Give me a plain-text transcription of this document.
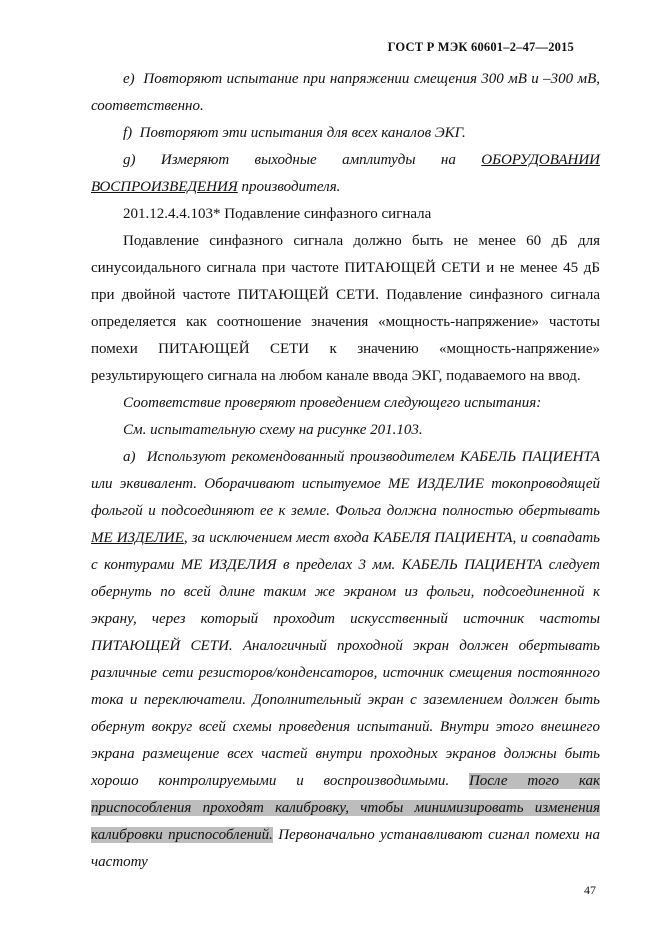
ГОСТ Р МЭК 60601–2–47—2015

e) Повторяют испытание при напряжении смещения 300 мВ и –300 мВ, соответственно.

f) Повторяют эти испытания для всех каналов ЭКГ.

g) Измеряют выходные амплитуды на ОБОРУДОВАНИИ ВОСПРОИЗВЕДЕНИЯ производителя.

201.12.4.4.103* Подавление синфазного сигнала

Подавление синфазного сигнала должно быть не менее 60 дБ для синусоидального сигнала при частоте ПИТАЮЩЕЙ СЕТИ и не менее 45 дБ при двойной частоте ПИТАЮЩЕЙ СЕТИ. Подавление синфазного сигнала определяется как соотношение значения «мощность-напряжение» частоты помехи ПИТАЮЩЕЙ СЕТИ к значению «мощность-напряжение» результирующего сигнала на любом канале ввода ЭКГ, подаваемого на ввод.

Соответствие проверяют проведением следующего испытания:

См. испытательную схему на рисунке 201.103.

a) Используют рекомендованный производителем КАБЕЛЬ ПАЦИЕНТА или эквивалент. Оборачивают испытуемое МЕ ИЗДЕЛИЕ токопроводящей фольгой и подсоединяют ее к земле. Фольга должна полностью обертывать МЕ ИЗДЕЛИЕ, за исключением мест входа КАБЕЛЯ ПАЦИЕНТА, и совпадать с контурами МЕ ИЗДЕЛИЯ в пределах 3 мм. КАБЕЛЬ ПАЦИЕНТА следует обернуть по всей длине таким же экраном из фольги, подсоединенной к экрану, через который проходит искусственный источник частоты ПИТАЮЩЕЙ СЕТИ. Аналогичный проходной экран должен обертывать различные сети резисторов/конденсаторов, источник смещения постоянного тока и переключатели. Дополнительный экран с заземлением должен быть обернут вокруг всей схемы проведения испытаний. Внутри этого внешнего экрана размещение всех частей внутри проходных экранов должны быть хорошо контролируемыми и воспроизводимыми. После того как приспособления проходят калибровку, чтобы минимизировать изменения калибровки приспособлений. Первоначально устанавливают сигнал помехи на частоту

47
